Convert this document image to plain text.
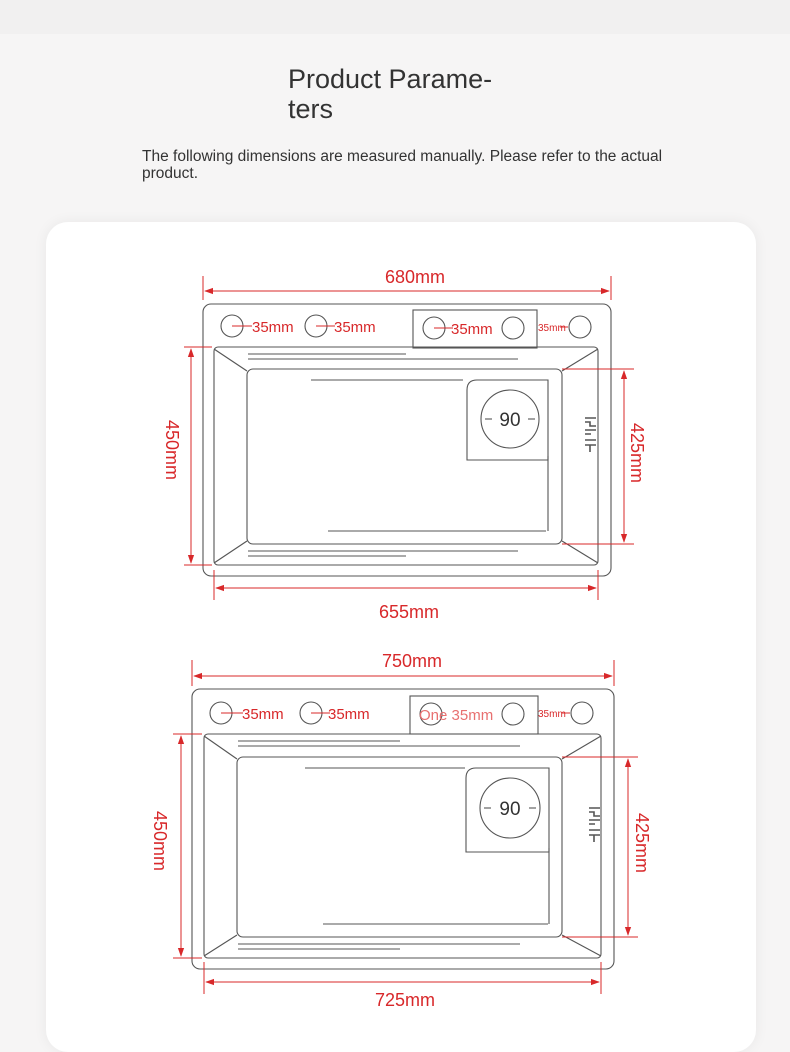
Product Parame-
ters

The following dimensions are measured manually. Please refer to the actual product.

90
35mm	35mm	35mm	35mm
680mm
655mm
450mm	425mm
90
35mm	35mm	One 35mm	35mm
750mm
725mm
450mm	425mm
